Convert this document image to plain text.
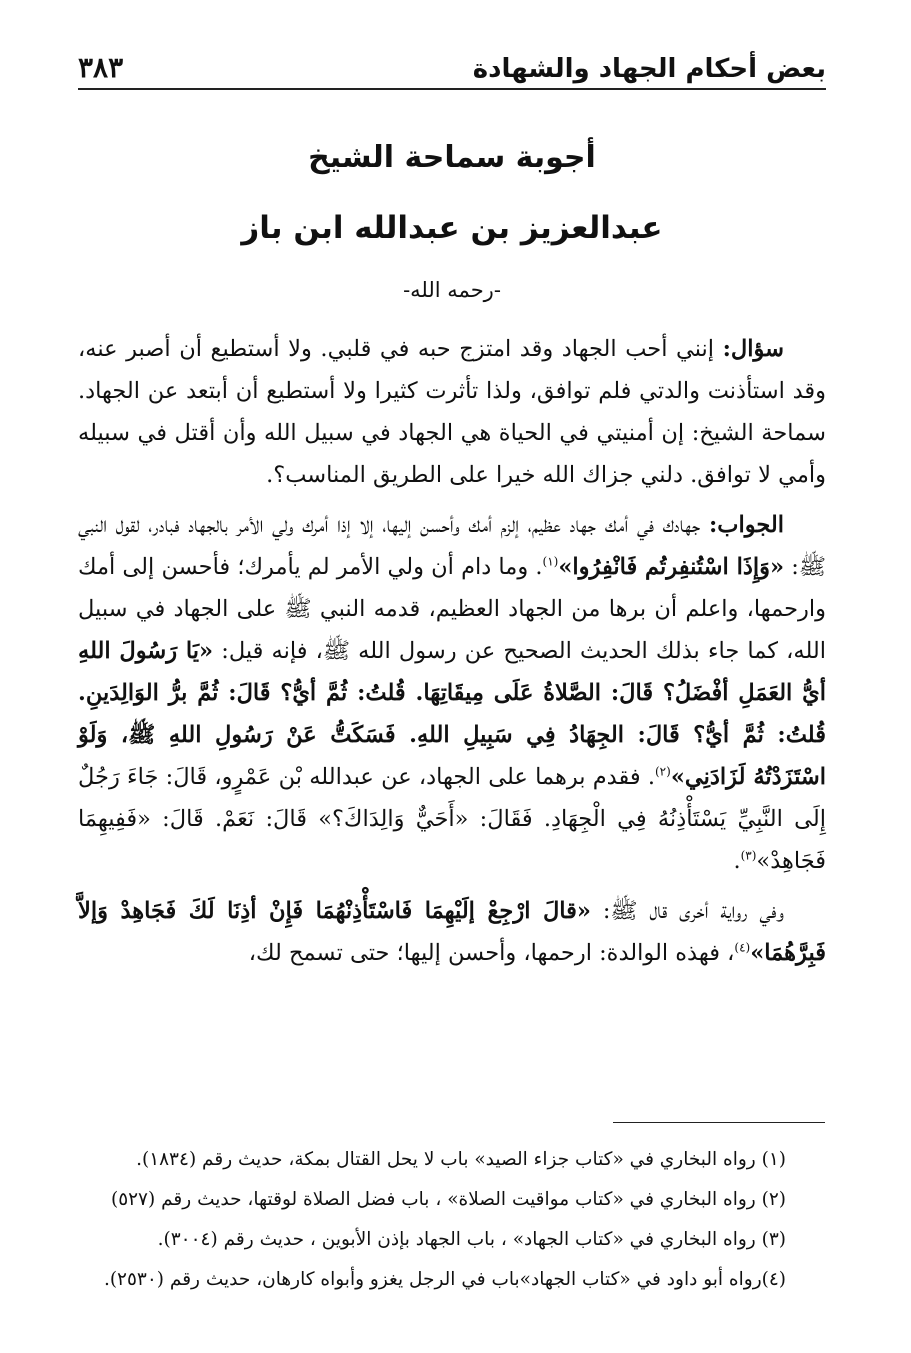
بعض أحكام الجهاد والشهادة
٣٨٣
أجوبة سماحة الشيخ
عبدالعزيز بن عبدالله ابن باز
-رحمه الله-

سؤال: إنني أحب الجهاد وقد امتزج حبه في قلبي. ولا أستطيع أن أصبر عنه، وقد استأذنت والدتي فلم توافق، ولذا تأثرت كثيرا ولا أستطيع أن أبتعد عن الجهاد. سماحة الشيخ: إن أمنيتي في الحياة هي الجهاد في سبيل الله وأن أقتل في سبيله وأمي لا توافق. دلني جزاك الله خيرا على الطريق المناسب؟.

الجواب: جهادك في أمك جهاد عظيم، إلزم أمك وأحسن إليها، إلا إذا أمرك ولي الأمر بالجهاد فبادر، لقول النبي ﷺ: «وَإِذَا اسْتُنفِرتُم فَانْفِرُوا»$^{(١)}$. وما دام أن ولي الأمر لم يأمرك؛ فأحسن إلى أمك وارحمها، واعلم أن برها من الجهاد العظيم، قدمه النبي ﷺ على الجهاد في سبيل الله، كما جاء بذلك الحديث الصحيح عن رسول الله ﷺ، فإنه قيل: «يَا رَسُولَ اللهِ أيُّ العَمَلِ أفْضَلُ؟ قَالَ: الصَّلاةُ عَلَى مِيقَاتِهَا. قُلتُ: ثُمَّ أيُّ؟ قَالَ: ثُمَّ برُّ الوَالِدَينِ. قُلتُ: ثُمَّ أيُّ؟ قَالَ: الجِهَادُ فِي سَبِيلِ اللهِ. فَسَكَتُّ عَنْ رَسُولِ اللهِ ﷺ، وَلَوْ اسْتَزَدْتُهُ لَزَادَنِي»$^{(٢)}$. فقدم برهما على الجهاد، عن عبدالله بْن عَمْرٍو، قَالَ: جَاءَ رَجُلٌ إِلَى النَّبِيِّ يَسْتَأْذِنُهُ فِي الْجِهَادِ. فَقَالَ: «أَحَيٌّ وَالِدَاكَ؟» قَالَ: نَعَمْ. قَالَ: «فَفِيهِمَا فَجَاهِدْ»$^{(٣)}$.

وفي رواية أخرى قال ﷺ: «قالَ ارْجِعْ إلَيْهِمَا فَاسْتَأْذِنْهُمَا فَإِنْ أذِنَا لَكَ فَجَاهِدْ وَإلاَّ فَبِرَّهُمَا»$^{(٤)}$، فهذه الوالدة: ارحمها، وأحسن إليها؛ حتى تسمح لك،

(١) رواه البخاري في «كتاب جزاء الصيد» باب لا يحل القتال بمكة، حديث رقم (١٨٣٤).
(٢) رواه البخاري في «كتاب مواقيت الصلاة» ، باب فضل الصلاة لوقتها، حديث رقم (٥٢٧)
(٣) رواه البخاري في «كتاب الجهاد» ، باب الجهاد بإذن الأبوين ، حديث رقم (٣٠٠٤).
(٤)رواه أبو داود في «كتاب الجهاد»باب في الرجل يغزو وأبواه كارهان، حديث رقم (٢٥٣٠).
